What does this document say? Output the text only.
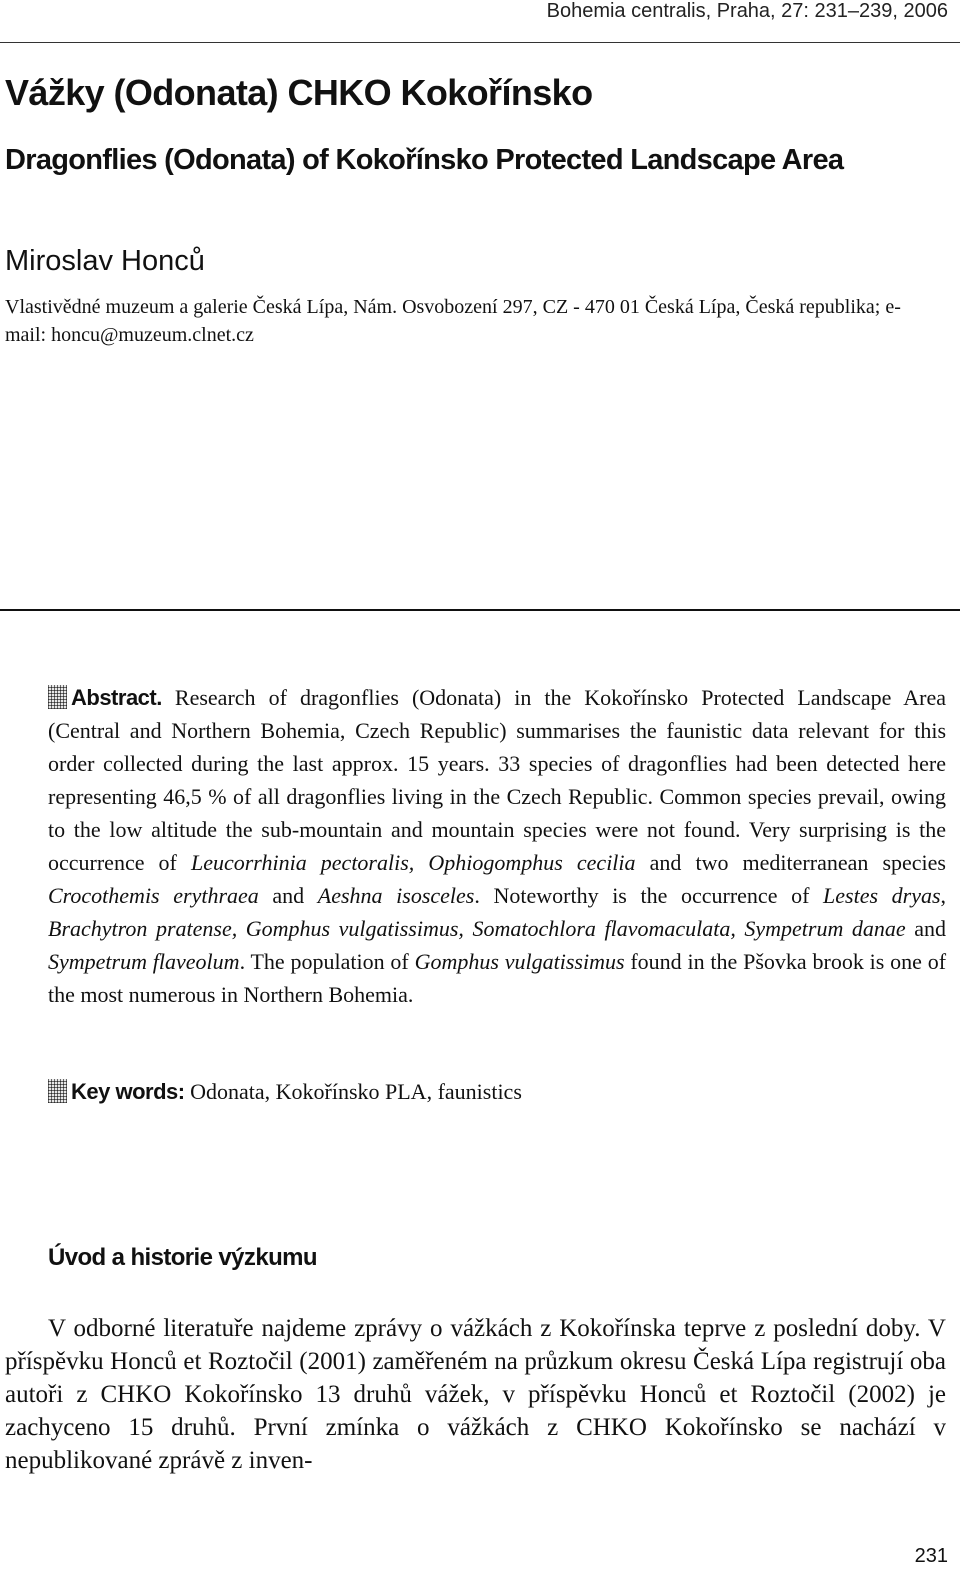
Bohemia centralis, Praha, 27: 231–239, 2006
Vážky (Odonata) CHKO Kokořínsko
Dragonflies (Odonata) of Kokořínsko Protected Landscape Area
Miroslav Honců
Vlastivědné muzeum a galerie Česká Lípa, Nám. Osvobození 297, CZ - 470 01 Česká Lípa, Česká republika; e-mail: honcu@muzeum.clnet.cz

Abstract. Research of dragonflies (Odonata) in the Kokořínsko Protected Landscape Area (Central and Northern Bohemia, Czech Republic) summarises the faunistic data relevant for this order collected during the last approx. 15 years. 33 species of dragonflies had been detected here representing 46,5 % of all dragonflies living in the Czech Republic. Common species prevail, owing to the low altitude the sub-mountain and mountain species were not found. Very surprising is the occurrence of Leucorrhinia pectoralis, Ophiogomphus cecilia and two mediterranean species Crocothemis erythraea and Aeshna isosceles. Noteworthy is the occurrence of Lestes dryas, Brachytron pratense, Gomphus vulgatissimus, Somatochlora flavomaculata, Sympetrum danae and Sympetrum flaveolum. The population of Gomphus vulgatissimus found in the Pšovka brook is one of the most numerous in Northern Bohemia.

Key words: Odonata, Kokořínsko PLA, faunistics

Úvod a historie výzkumu

V odborné literatuře najdeme zprávy o vážkách z Kokořínska teprve z poslední doby. V příspěvku Honců et Roztočil (2001) zaměřeném na průzkum okresu Česká Lípa registrují oba autoři z CHKO Kokořínsko 13 druhů vážek, v příspěvku Honců et Roztočil (2002) je zachyceno 15 druhů. První zmínka o vážkách z CHKO Kokořínsko se nachází v nepublikované zprávě z inven-

231
